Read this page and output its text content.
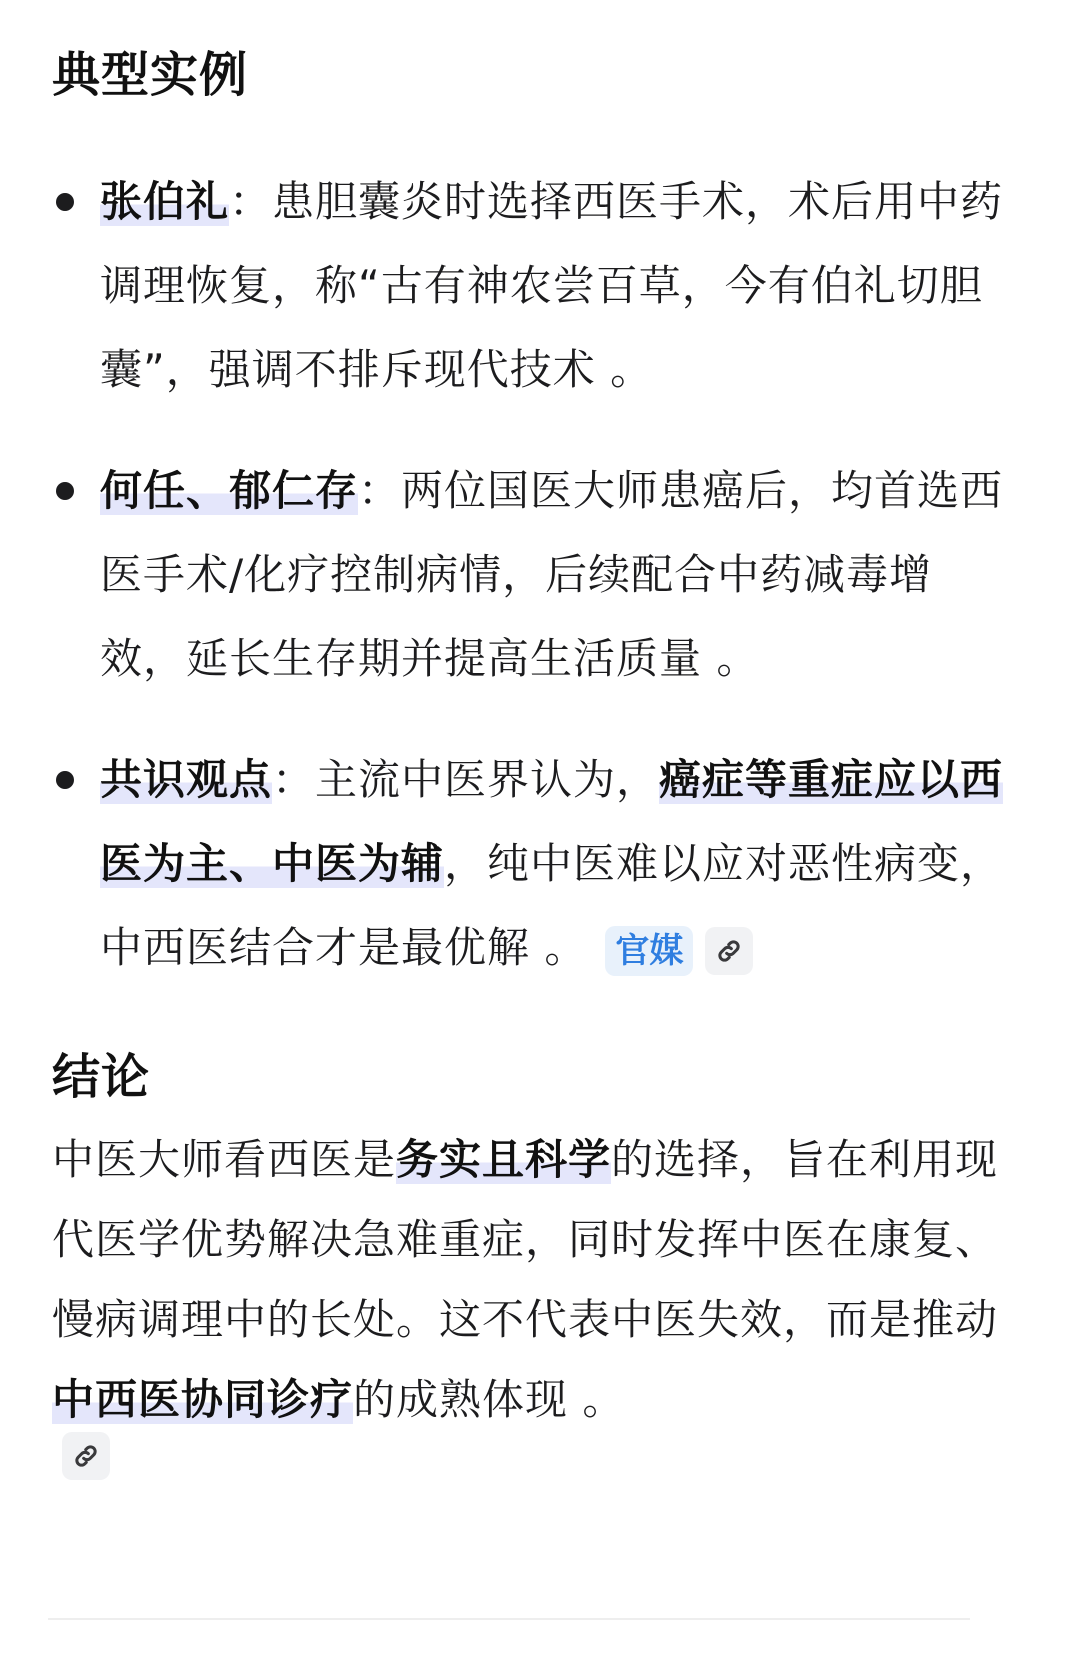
典型实例
张伯礼：患胆囊炎时选择西医手术，术后用中药调理恢复，称“古有神农尝百草，今有伯礼切胆囊”，强调不排斥现代技术 。
何任、郁仁存：两位国医大师患癌后，均首选西医手术/化疗控制病情，后续配合中药减毒增效，延长生存期并提高生活质量 。
共识观点：主流中医界认为，癌症等重症应以西医为主、中医为辅，纯中医难以应对恶性病变，中西医结合才是最优解 。 官媒
结论

中医大师看西医是务实且科学的选择，旨在利用现代医学优势解决急难重症，同时发挥中医在康复、慢病调理中的长处。这不代表中医失效，而是推动中西医协同诊疗的成熟体现 。
